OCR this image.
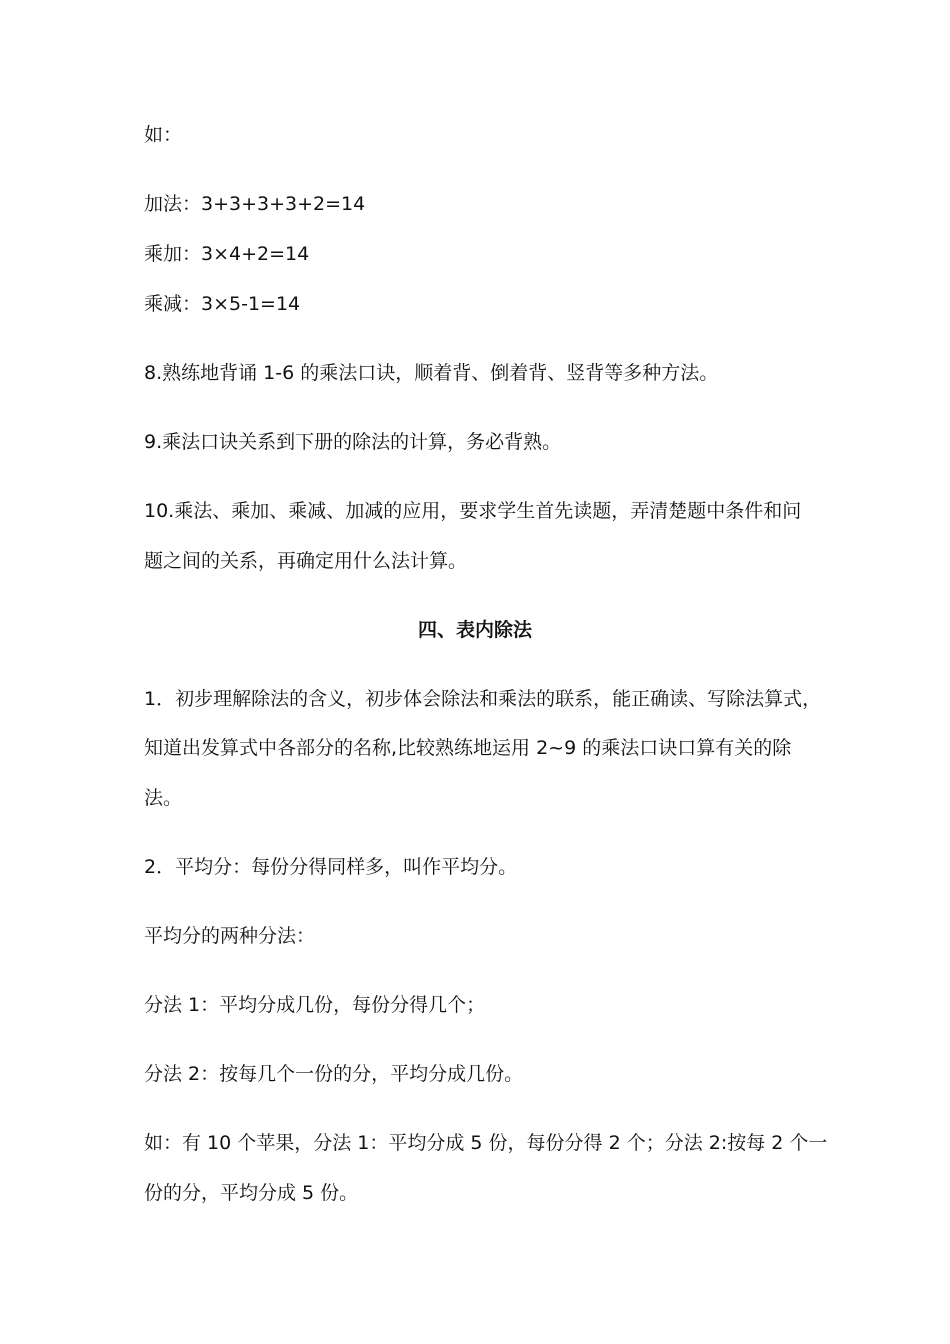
如：
加法：3+3+3+3+2=14
乘加：3×4+2=14
乘减：3×5-1=14
8.熟练地背诵 1-6 的乘法口诀，顺着背、倒着背、竖背等多种方法。
9.乘法口诀关系到下册的除法的计算，务必背熟。
10.乘法、乘加、乘减、加减的应用，要求学生首先读题，弄清楚题中条件和问
题之间的关系，再确定用什么法计算。
四、表内除法
1．初步理解除法的含义，初步体会除法和乘法的联系，能正确读、写除法算式，
知道出发算式中各部分的名称,比较熟练地运用 2~9 的乘法口诀口算有关的除
法。
2．平均分：每份分得同样多，叫作平均分。
平均分的两种分法：
分法 1：平均分成几份，每份分得几个；
分法 2：按每几个一份的分，平均分成几份。
如：有 10 个苹果，分法 1：平均分成 5 份，每份分得 2 个；分法 2:按每 2 个一
份的分，平均分成 5 份。
